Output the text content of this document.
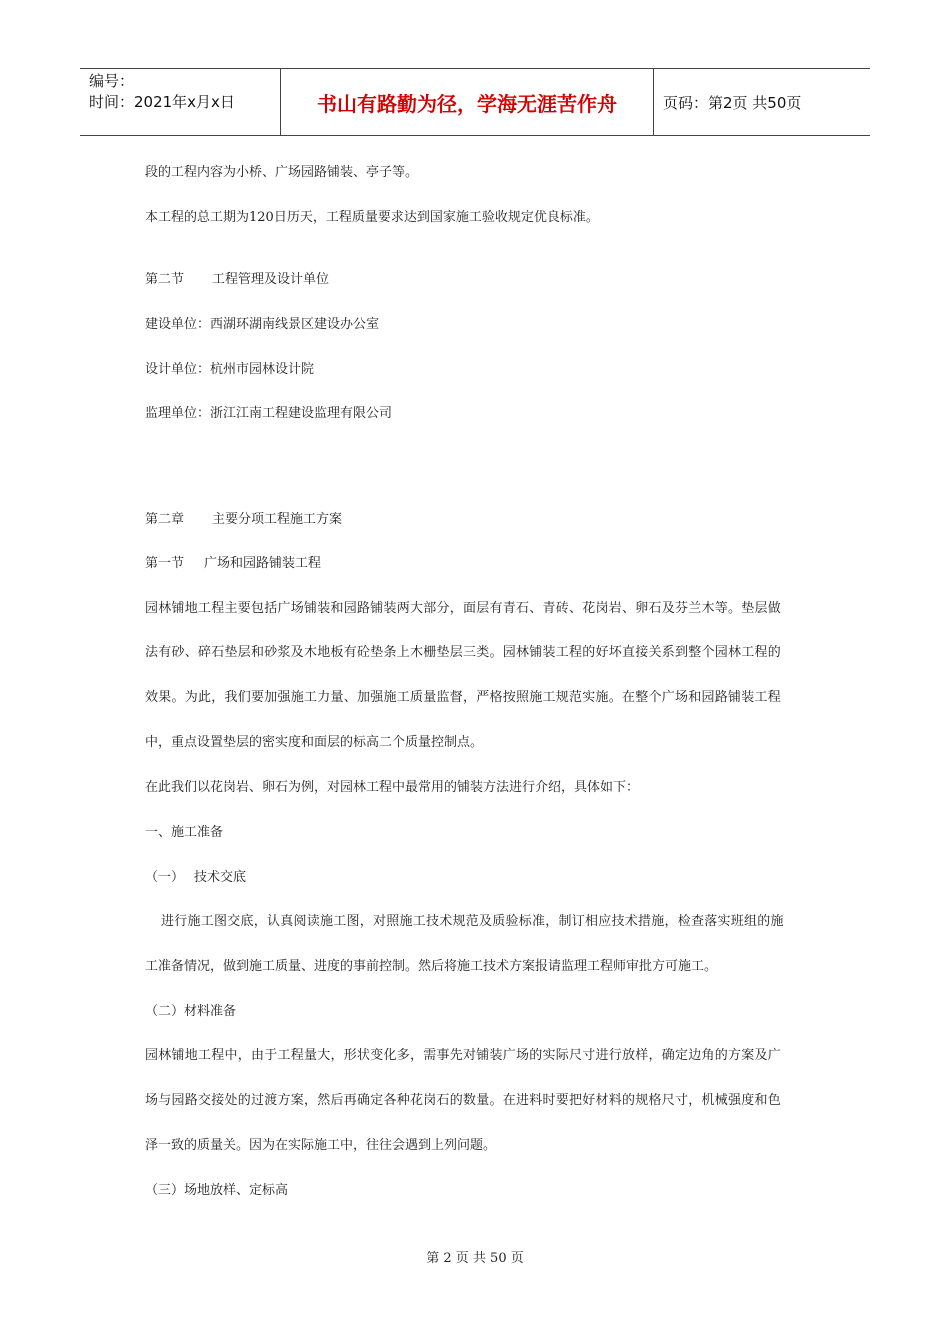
编号：
时间：2021年x月x日	书山有路勤为径，学海无涯苦作舟	页码：第2页 共50页
段的工程内容为小桥、广场园路铺装、亭子等。
本工程的总工期为120日历天，工程质量要求达到国家施工验收规定优良标准。
第二节 工程管理及设计单位
建设单位：西湖环湖南线景区建设办公室
设计单位：杭州市园林设计院
监理单位：浙江江南工程建设监理有限公司
第二章 主要分项工程施工方案
第一节 广场和园路铺装工程
园林铺地工程主要包括广场铺装和园路铺装两大部分，面层有青石、青砖、花岗岩、卵石及芬兰木等。垫层做
法有砂、碎石垫层和砂浆及木地板有砼垫条上木栅垫层三类。园林铺装工程的好坏直接关系到整个园林工程的
效果。为此，我们要加强施工力量、加强施工质量监督，严格按照施工规范实施。在整个广场和园路铺装工程
中，重点设置垫层的密实度和面层的标高二个质量控制点。
在此我们以花岗岩、卵石为例，对园林工程中最常用的铺装方法进行介绍，具体如下：
一、施工准备
（一） 技术交底
进行施工图交底，认真阅读施工图，对照施工技术规范及质验标准，制订相应技术措施，检查落实班组的施
工准备情况，做到施工质量、进度的事前控制。然后将施工技术方案报请监理工程师审批方可施工。
（二）材料准备
园林铺地工程中，由于工程量大，形状变化多，需事先对铺装广场的实际尺寸进行放样，确定边角的方案及广
场与园路交接处的过渡方案，然后再确定各种花岗石的数量。在进料时要把好材料的规格尺寸，机械强度和色
泽一致的质量关。因为在实际施工中，往往会遇到上列问题。
（三）场地放样、定标高
第 2 页 共 50 页
